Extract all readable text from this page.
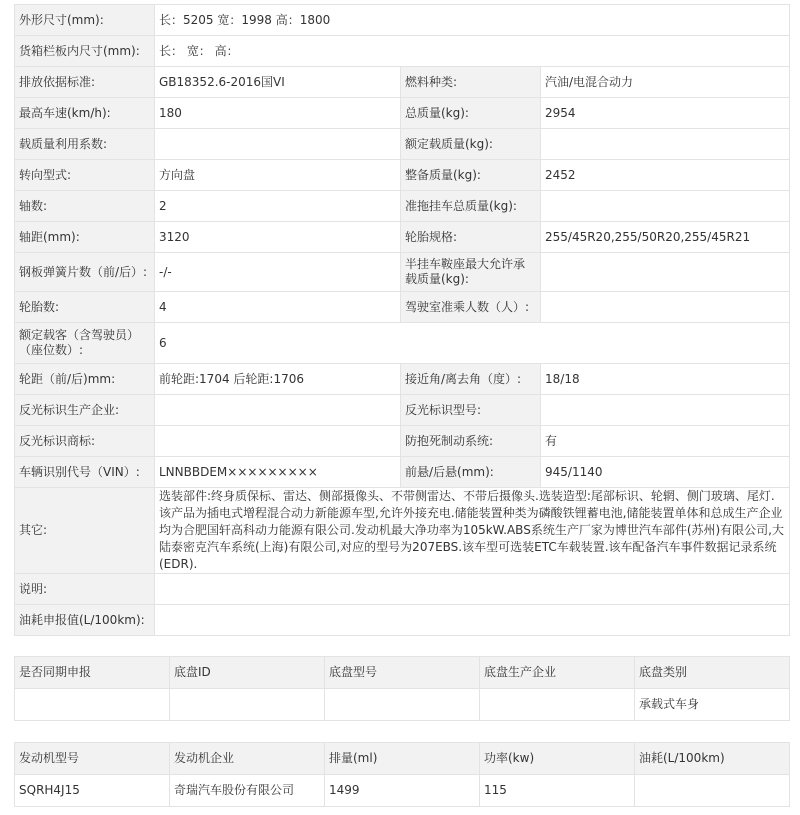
外形尺寸(mm):	长：5205 宽：1998 高：1800		
货箱栏板内尺寸(mm):	长： 宽： 高：		
排放依据标准:	GB18352.6-2016国VI	燃料种类:	汽油/电混合动力
最高车速(km/h):	180	总质量(kg):	2954
载质量利用系数:		额定载质量(kg):	
转向型式:	方向盘	整备质量(kg):	2452
轴数:	2	准拖挂车总质量(kg):	
轴距(mm):	3120	轮胎规格:	255/45R20,255/50R20,255/45R21
钢板弹簧片数（前/后）:	-/-	半挂车鞍座最大允许承载质量(kg):	
轮胎数:	4	驾驶室准乘人数（人）:	
额定载客（含驾驶员）（座位数）:	6		
轮距（前/后)mm:	前轮距:1704 后轮距:1706	接近角/离去角（度）:	18/18
反光标识生产企业:		反光标识型号:	
反光标识商标:		防抱死制动系统:	有
车辆识别代号（VIN）:	LNNBBDEM×××××××××	前悬/后悬(mm):	945/1140
其它:	选装部件:终身质保标、雷达、侧部摄像头、不带侧雷达、不带后摄像头.选装造型:尾部标识、轮辋、侧门玻璃、尾灯.该产品为插电式增程混合动力新能源车型,允许外接充电.储能装置种类为磷酸铁锂蓄电池,储能装置单体和总成生产企业均为合肥国轩高科动力能源有限公司.发动机最大净功率为105kW.ABS系统生产厂家为博世汽车部件(苏州)有限公司,大陆泰密克汽车系统(上海)有限公司,对应的型号为207EBS.该车型可选装ETC车载装置.该车配备汽车事件数据记录系统(EDR).		
说明:			
油耗申报值(L/100km):			
是否同期申报	底盘ID	底盘型号	底盘生产企业	底盘类别
				承载式车身
发动机型号	发动机企业	排量(ml)	功率(kw)	油耗(L/100km)
SQRH4J15	奇瑞汽车股份有限公司	1499	115	
